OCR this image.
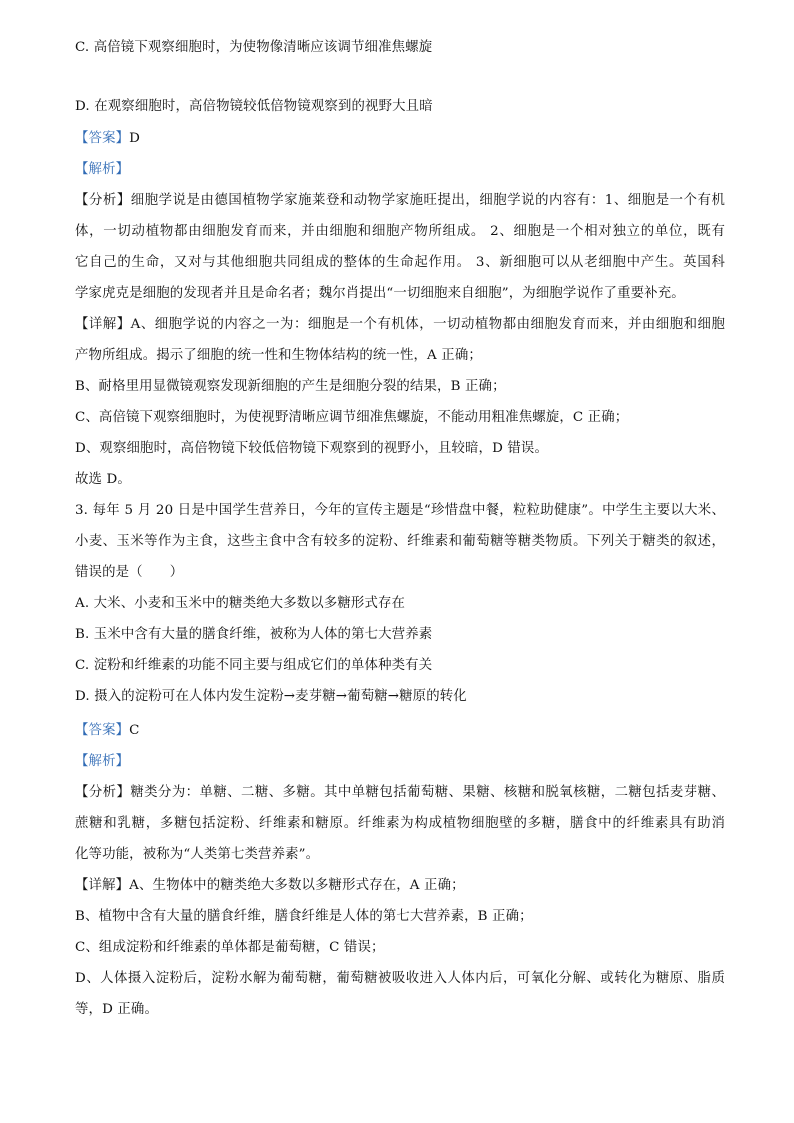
C. 高倍镜下观察细胞时，为使物像清晰应该调节细准焦螺旋
D. 在观察细胞时，高倍物镜较低倍物镜观察到的视野大且暗
【答案】D
【解析】
【分析】细胞学说是由德国植物学家施莱登和动物学家施旺提出，细胞学说的内容有：1、细胞是一个有机
体，一切动植物都由细胞发育而来，并由细胞和细胞产物所组成。 2、细胞是一个相对独立的单位，既有
它自己的生命，又对与其他细胞共同组成的整体的生命起作用。 3、新细胞可以从老细胞中产生。英国科
学家虎克是细胞的发现者并且是命名者；魏尔肖提出“一切细胞来自细胞”，为细胞学说作了重要补充。
【详解】A、细胞学说的内容之一为：细胞是一个有机体，一切动植物都由细胞发育而来，并由细胞和细胞
产物所组成。揭示了细胞的统一性和生物体结构的统一性，A 正确；
B、耐格里用显微镜观察发现新细胞的产生是细胞分裂的结果，B 正确；
C、高倍镜下观察细胞时，为使视野清晰应调节细准焦螺旋，不能动用粗准焦螺旋，C 正确；
D、观察细胞时，高倍物镜下较低倍物镜下观察到的视野小，且较暗，D 错误。
故选 D。
3. 每年 5 月 20 日是中国学生营养日，今年的宣传主题是“珍惜盘中餐，粒粒助健康”。中学生主要以大米、
小麦、玉米等作为主食，这些主食中含有较多的淀粉、纤维素和葡萄糖等糖类物质。下列关于糖类的叙述，
错误的是（　　）
A. 大米、小麦和玉米中的糖类绝大多数以多糖形式存在
B. 玉米中含有大量的膳食纤维，被称为人体的第七大营养素
C. 淀粉和纤维素的功能不同主要与组成它们的单体种类有关
D. 摄入的淀粉可在人体内发生淀粉→麦芽糖→葡萄糖→糖原的转化
【答案】C
【解析】
【分析】糖类分为：单糖、二糖、多糖。其中单糖包括葡萄糖、果糖、核糖和脱氧核糖，二糖包括麦芽糖、
蔗糖和乳糖，多糖包括淀粉、纤维素和糖原。纤维素为构成植物细胞壁的多糖，膳食中的纤维素具有助消
化等功能，被称为“人类第七类营养素”。
【详解】A、生物体中的糖类绝大多数以多糖形式存在，A 正确；
B、植物中含有大量的膳食纤维，膳食纤维是人体的第七大营养素，B 正确；
C、组成淀粉和纤维素的单体都是葡萄糖，C 错误；
D、人体摄入淀粉后，淀粉水解为葡萄糖，葡萄糖被吸收进入人体内后，可氧化分解、或转化为糖原、脂质
等，D 正确。
